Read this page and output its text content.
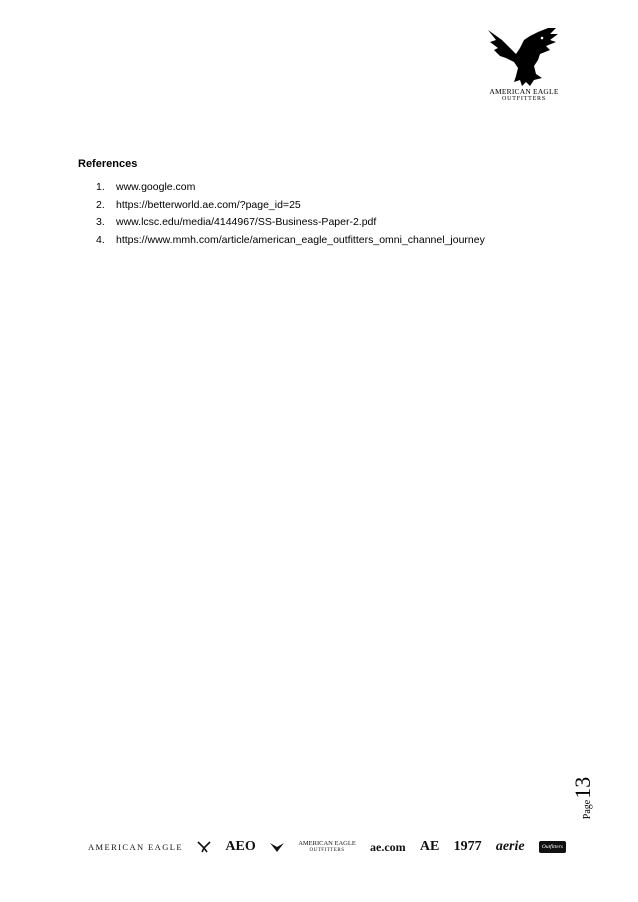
AMERICAN EAGLE
OUTFITTERS
References
1.	www.google.com
2.	https://betterworld.ae.com/?page_id=25
3.	www.lcsc.edu/media/4144967/SS-Business-Paper-2.pdf
4.	https://www.mmh.com/article/american_eagle_outfitters_omni_channel_journey
Page
13
AMERICAN EAGLE	AEO	AMERICAN EAGLE
OUTFITTERS ae.com AE 1977 aerie	Outfitters
